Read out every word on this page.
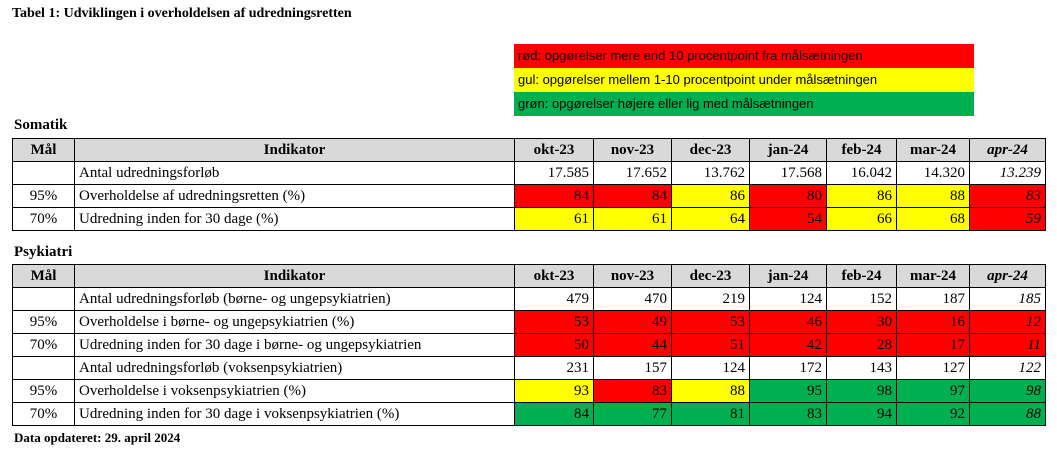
Tabel 1: Udviklingen i overholdelsen af udredningsretten
rød: opgørelser mere end 10 procentpoint fra målsætningen
gul: opgørelser mellem 1-10 procentpoint under målsætningen
grøn: opgørelser højere eller lig med målsætningen
Somatik
Mål	Indikator	okt-23	nov-23	dec-23	jan-24	feb-24	mar-24	apr-24
	Antal udredningsforløb	17.585	17.652	13.762	17.568	16.042	14.320	13.239
95%	Overholdelse af udredningsretten (%)	84	84	86	80	86	88	83
70%	Udredning inden for 30 dage (%)	61	61	64	54	66	68	59
Psykiatri
Mål	Indikator	okt-23	nov-23	dec-23	jan-24	feb-24	mar-24	apr-24
	Antal udredningsforløb (børne- og ungepsykiatrien)	479	470	219	124	152	187	185
95%	Overholdelse i børne- og ungepsykiatrien (%)	53	49	53	46	30	16	12
70%	Udredning inden for 30 dage i børne- og ungepsykiatrien	50	44	51	42	28	17	11
	Antal udredningsforløb (voksenpsykiatrien)	231	157	124	172	143	127	122
95%	Overholdelse i voksenpsykiatrien (%)	93	83	88	95	98	97	98
70%	Udredning inden for 30 dage i voksenpsykiatrien (%)	84	77	81	83	94	92	88
Data opdateret: 29. april 2024
